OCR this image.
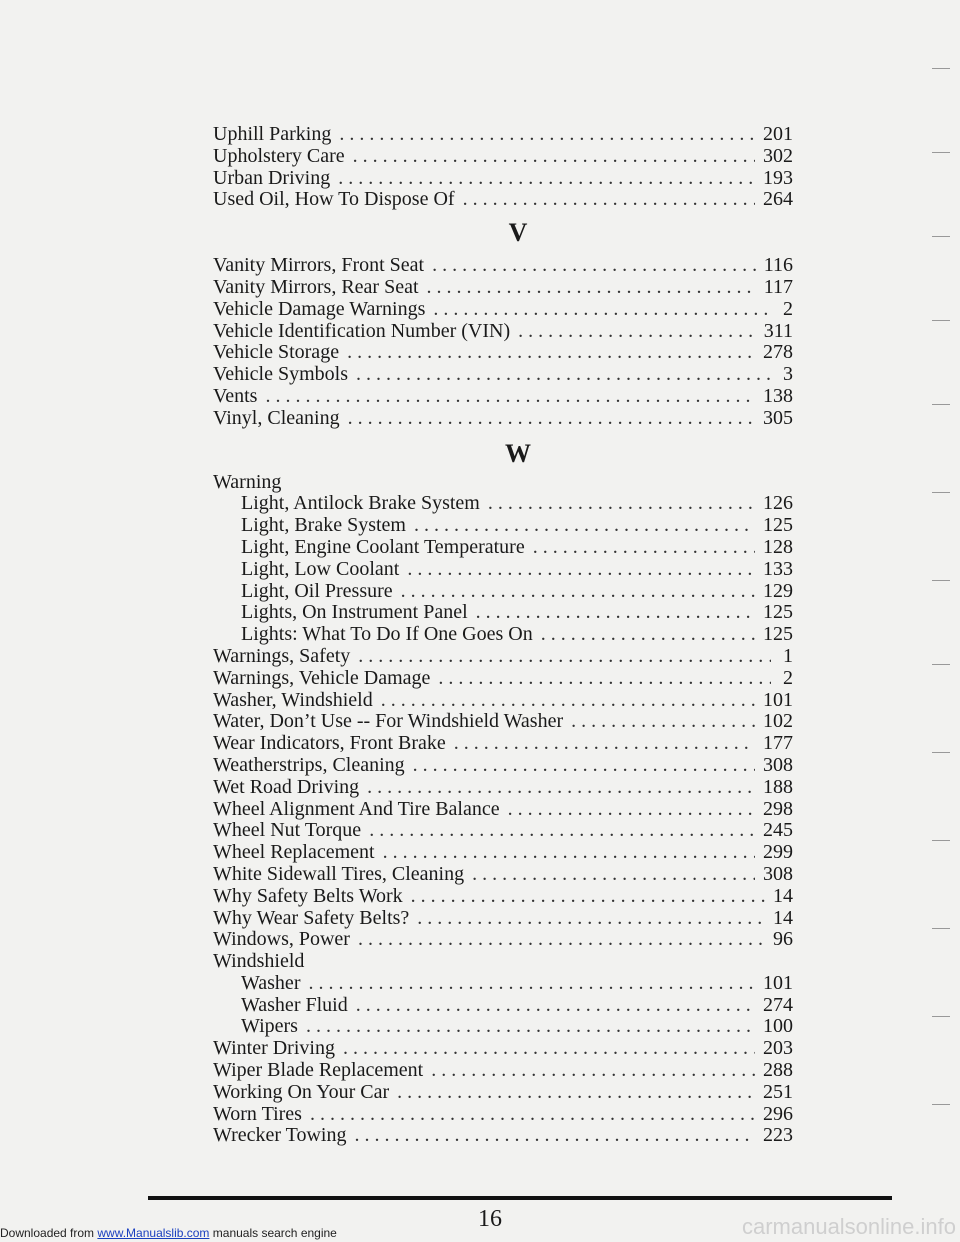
Uphill Parking . . .	201
Upholstery Care . . .	302
Urban Driving . . .	193
Used Oil, How To Dispose Of . . .	264
V
Vanity Mirrors, Front Seat . . .	116
Vanity Mirrors, Rear Seat . . .	117
Vehicle Damage Warnings . . .	2
Vehicle Identification Number (VIN) . . .	311
Vehicle Storage . . .	278
Vehicle Symbols . . .	3
Vents . . .	138
Vinyl, Cleaning . . .	305
W
Warning
Light, Antilock Brake System . . .	126
Light, Brake System . . .	125
Light, Engine Coolant Temperature . . .	128
Light, Low Coolant . . .	133
Light, Oil Pressure . . .	129
Lights, On Instrument Panel . . .	125
Lights: What To Do If One Goes On . . .	125
Warnings, Safety . . .	1
Warnings, Vehicle Damage . . .	2
Washer, Windshield . . .	101
Water, Don’t Use -- For Windshield Washer . . .	102
Wear Indicators, Front Brake . . .	177
Weatherstrips, Cleaning . . .	308
Wet Road Driving . . .	188
Wheel Alignment And Tire Balance . . .	298
Wheel Nut Torque . . .	245
Wheel Replacement . . .	299
White Sidewall Tires, Cleaning . . .	308
Why Safety Belts Work . . .	14
Why Wear Safety Belts? . . .	14
Windows, Power . . .	96
Windshield
Washer . . .	101
Washer Fluid . . .	274
Wipers . . .	100
Winter Driving . . .	203
Wiper Blade Replacement . . .	288
Working On Your Car . . .	251
Worn Tires . . .	296
Wrecker Towing . . .	223
16
Downloaded from www.Manualslib.com manuals search engine	carmanualsonline.info
